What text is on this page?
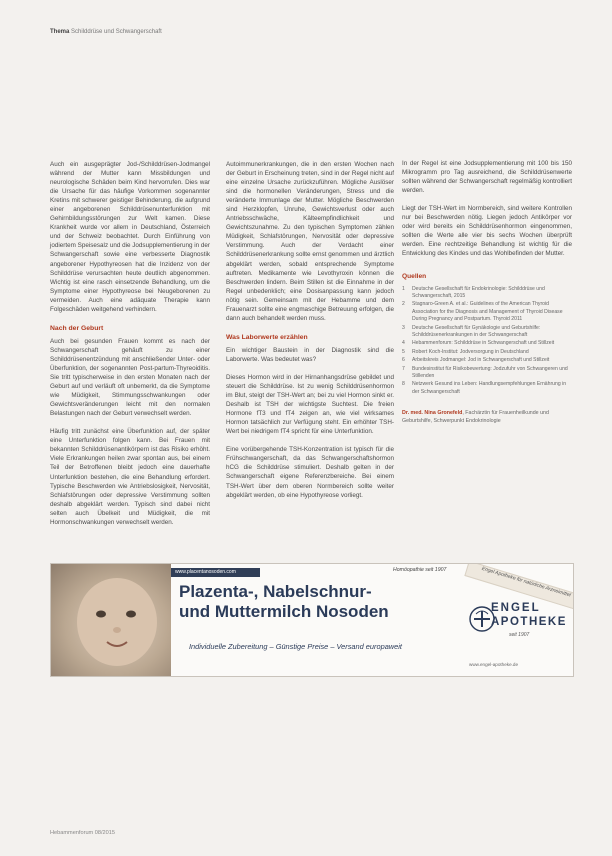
Thema Schilddrüse und Schwangerschaft

Auch ein ausgeprägter Jod-/Schilddrüsen-Jodmangel während der Mutter kann Missbildungen und neurologische Schäden beim Kind hervorrufen. Dies war die Ursache für das häufige Vorkommen sogenannter Kretins mit schwerer geistiger Behinderung, die aufgrund einer angeborenen Schilddrüsenunterfunktion mit Gehirnbildungsstörungen zur Welt kamen. Diese Krankheit wurde vor allem in Deutschland, Österreich und der Schweiz beobachtet. Durch Einführung von jodiertem Speisesalz und die Jodsupplementierung in der Schwangerschaft sowie eine verbesserte Diagnostik angeborener Hypothyreosen hat die Inzidenz von der Schilddrüse verursachten heute deutlich abgenommen. Wichtig ist eine rasch einsetzende Behandlung, um die Symptome einer Hypothyreose bei Neugeborenen zu vermeiden. Auch eine adäquate Therapie kann Folgeschäden weitgehend verhindern.

Nach der Geburt

Auch bei gesunden Frauen kommt es nach der Schwangerschaft gehäuft zu einer Schilddrüsenentzündung mit anschließender Unter- oder Überfunktion, der sogenannten Post-partum-Thyreoiditis. Sie tritt typischerweise in den ersten Monaten nach der Geburt auf und verläuft oft unbemerkt, da die Symptome wie Müdigkeit, Stimmungsschwankungen oder Gewichtsveränderungen leicht mit den normalen Belastungen nach der Geburt verwechselt werden.

Häufig tritt zunächst eine Überfunktion auf, der später eine Unterfunktion folgen kann. Bei Frauen mit bekannten Schilddrüsenantikörpern ist das Risiko erhöht. Viele Erkrankungen heilen zwar spontan aus, bei einem Teil der Betroffenen bleibt jedoch eine dauerhafte Unterfunktion bestehen, die eine Behandlung erfordert. Typische Beschwerden wie Antriebslosigkeit, Nervosität, Schlafstörungen oder depressive Verstimmung sollten deshalb abgeklärt werden. Typisch sind dabei nicht selten auch Übelkeit und Müdigkeit, die mit Hormonschwankungen verwechselt werden.

Autoimmunerkrankungen, die in den ersten Wochen nach der Geburt in Erscheinung treten, sind in der Regel nicht auf eine einzelne Ursache zurückzuführen. Mögliche Auslöser sind die hormonellen Veränderungen, Stress und die veränderte Immunlage der Mutter. Mögliche Beschwerden sind Herzklopfen, Unruhe, Gewichtsverlust oder auch Antriebsschwäche, Kälteempfindlichkeit und Gewichtszunahme. Zu den typischen Symptomen zählen Müdigkeit, Schlafstörungen, Nervosität oder depressive Verstimmung. Auch der Verdacht einer Schilddrüsenerkrankung sollte ernst genommen und ärztlich abgeklärt werden, sobald entsprechende Symptome auftreten. Medikamente wie Levothyroxin können die Beschwerden lindern. Beim Stillen ist die Einnahme in der Regel unbedenklich; eine Dosisanpassung kann jedoch nötig sein. Gemeinsam mit der Hebamme und dem Frauenarzt sollte eine engmaschige Betreuung erfolgen, die dann auch behandelt werden muss.

Was Laborwerte erzählen

Ein wichtiger Baustein in der Diagnostik sind die Laborwerte. Was bedeutet was?

Dieses Hormon wird in der Hirnanhangsdrüse gebildet und steuert die Schilddrüse. Ist zu wenig Schilddrüsenhormon im Blut, steigt der TSH-Wert an; bei zu viel Hormon sinkt er. Deshalb ist TSH der wichtigste Suchtest. Die freien Hormone fT3 und fT4 zeigen an, wie viel wirksames Hormon tatsächlich zur Verfügung steht. Ein erhöhter TSH-Wert bei niedrigem fT4 spricht für eine Unterfunktion.

Eine vorübergehende TSH-Konzentration ist typisch für die Frühschwangerschaft, da das Schwangerschaftshormon hCG die Schilddrüse stimuliert. Deshalb gelten in der Schwangerschaft eigene Referenzbereiche. Bei einem TSH-Wert über dem oberen Normbereich sollte weiter abgeklärt werden, ob eine Hypothyreose vorliegt.

In der Regel ist eine Jodsupplementierung mit 100 bis 150 Mikrogramm pro Tag ausreichend, die Schilddrüsenwerte sollten während der Schwangerschaft regelmäßig kontrolliert werden.

Liegt der TSH-Wert im Normbereich, sind weitere Kontrollen nur bei Beschwerden nötig. Liegen jedoch Antikörper vor oder wird bereits ein Schilddrüsenhormon eingenommen, sollten die Werte alle vier bis sechs Wochen überprüft werden. Eine rechtzeitige Behandlung ist wichtig für die Entwicklung des Kindes und das Wohlbefinden der Mutter.

Quellen
1 Deutsche Gesellschaft für Endokrinologie: Schilddrüse und Schwangerschaft, 2015
2 Stagnaro-Green A. et al.: Guidelines of the American Thyroid Association for the Diagnosis and Management of Thyroid Disease During Pregnancy and Postpartum. Thyroid 2011
3 Deutsche Gesellschaft für Gynäkologie und Geburtshilfe: Schilddrüsenerkrankungen in der Schwangerschaft
4 Hebammenforum: Schilddrüse in Schwangerschaft und Stillzeit
5 Robert Koch-Institut: Jodversorgung in Deutschland
6 Arbeitskreis Jodmangel: Jod in Schwangerschaft und Stillzeit
7 Bundesinstitut für Risikobewertung: Jodzufuhr von Schwangeren und Stillenden
8 Netzwerk Gesund ins Leben: Handlungsempfehlungen Ernährung in der Schwangerschaft
Dr. med. Nina Gronefeld, Fachärztin für Frauenheilkunde und Geburtshilfe, Schwerpunkt Endokrinologie
www.placentanosoden.com
Plazenta-, Nabelschnur-
und Muttermilch Nosoden
Individuelle Zubereitung – Günstige Preise – Versand europaweit
Homöopathie seit 1907	Engel Apotheke für natürliche Arzneimittel
ENGEL
APOTHEKE
seit 1907
www.engel-apotheke.de
Hebammenforum 08/2015
